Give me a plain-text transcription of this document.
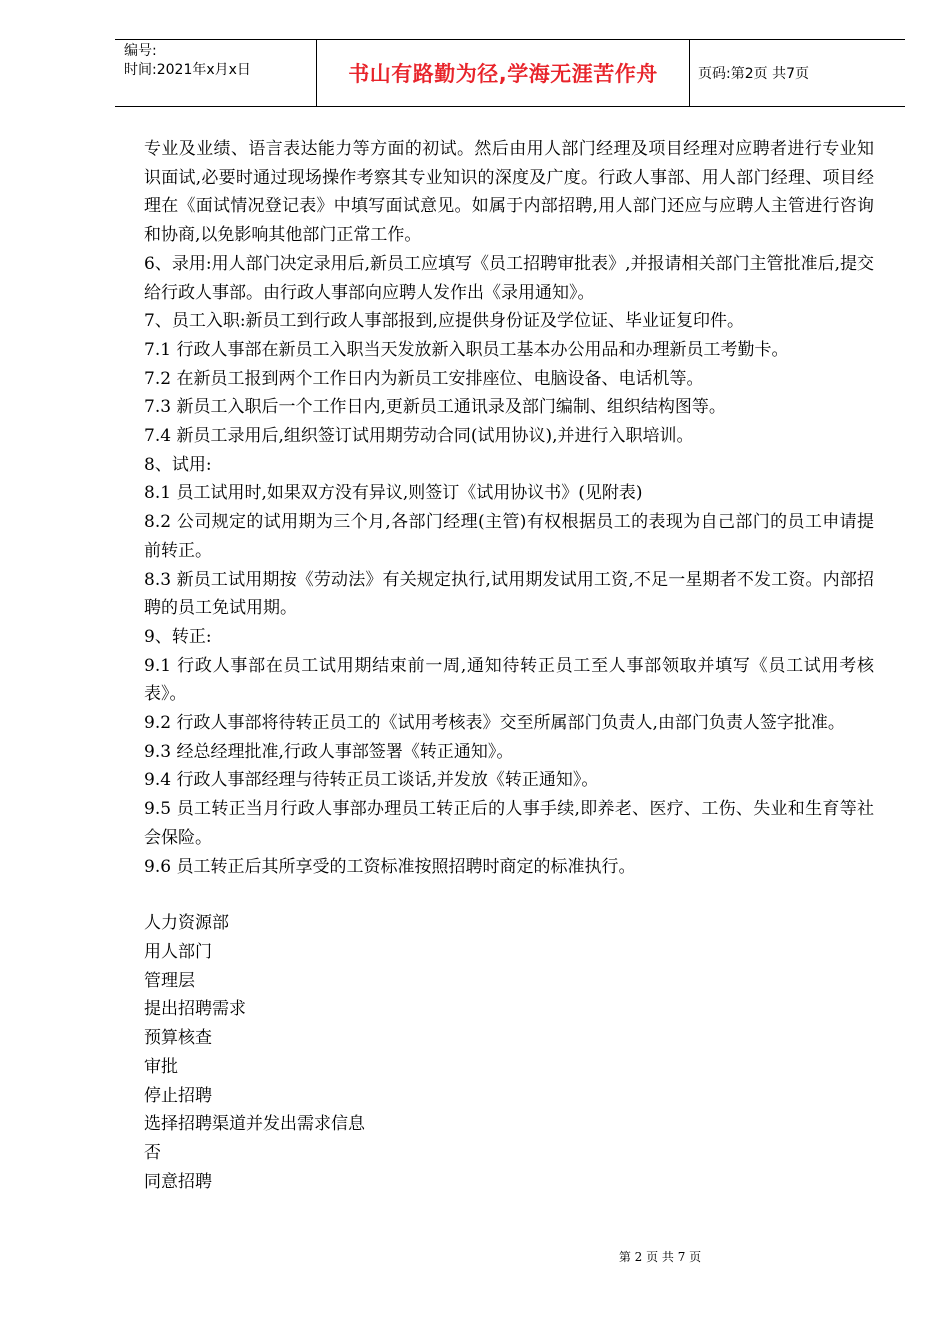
编号:
时间:2021年x月x日	书山有路勤为径,学海无涯苦作舟	页码:第2页 共7页

专业及业绩、语言表达能力等方面的初试。然后由用人部门经理及项目经理对应聘者进行专业知识面试,必要时通过现场操作考察其专业知识的深度及广度。行政人事部、用人部门经理、项目经理在《面试情况登记表》中填写面试意见。如属于内部招聘,用人部门还应与应聘人主管进行咨询和协商,以免影响其他部门正常工作。

6、录用:用人部门决定录用后,新员工应填写《员工招聘审批表》,并报请相关部门主管批准后,提交给行政人事部。由行政人事部向应聘人发作出《录用通知》。

7、员工入职:新员工到行政人事部报到,应提供身份证及学位证、毕业证复印件。

7.1 行政人事部在新员工入职当天发放新入职员工基本办公用品和办理新员工考勤卡。

7.2 在新员工报到两个工作日内为新员工安排座位、电脑设备、电话机等。

7.3 新员工入职后一个工作日内,更新员工通讯录及部门编制、组织结构图等。

7.4 新员工录用后,组织签订试用期劳动合同(试用协议),并进行入职培训。

8、试用:

8.1 员工试用时,如果双方没有异议,则签订《试用协议书》(见附表)

8.2 公司规定的试用期为三个月,各部门经理(主管)有权根据员工的表现为自己部门的员工申请提前转正。

8.3 新员工试用期按《劳动法》有关规定执行,试用期发试用工资,不足一星期者不发工资。内部招聘的员工免试用期。

9、转正:

9.1 行政人事部在员工试用期结束前一周,通知待转正员工至人事部领取并填写《员工试用考核表》。

9.2 行政人事部将待转正员工的《试用考核表》交至所属部门负责人,由部门负责人签字批准。

9.3 经总经理批准,行政人事部签署《转正通知》。

9.4 行政人事部经理与待转正员工谈话,并发放《转正通知》。

9.5 员工转正当月行政人事部办理员工转正后的人事手续,即养老、医疗、工伤、失业和生育等社会保险。

9.6 员工转正后其所享受的工资标准按照招聘时商定的标准执行。

人力资源部

用人部门

管理层

提出招聘需求

预算核查

审批

停止招聘

选择招聘渠道并发出需求信息

否

同意招聘

第 2 页 共 7 页
